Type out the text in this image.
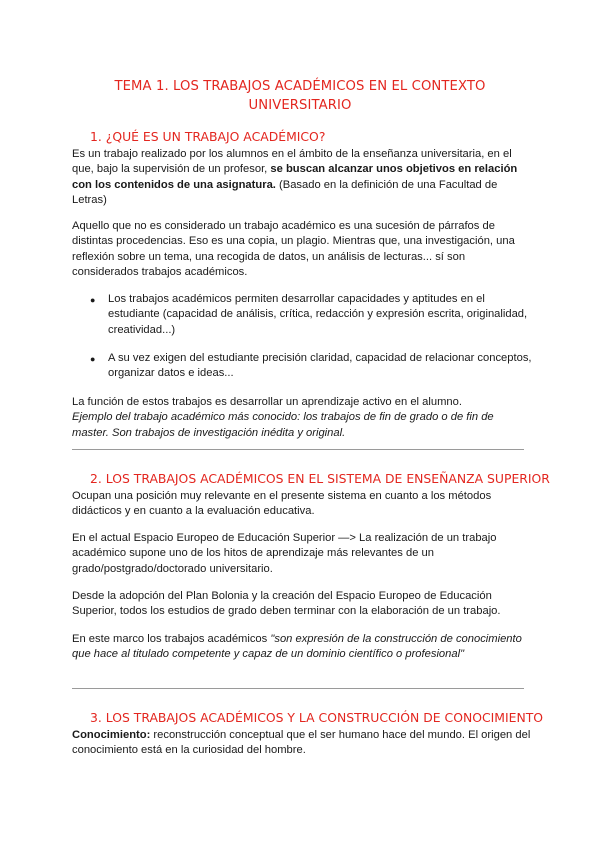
TEMA 1. LOS TRABAJOS ACADÉMICOS EN EL CONTEXTO
UNIVERSITARIO
1. ¿QUÉ ES UN TRABAJO ACADÉMICO?
Es un trabajo realizado por los alumnos en el ámbito de la enseñanza universitaria, en el que, bajo la supervisión de un profesor, se buscan alcanzar unos objetivos en relación con los contenidos de una asignatura. (Basado en la definición de una Facultad de Letras)
Aquello que no es considerado un trabajo académico es una sucesión de párrafos de distintas procedencias. Eso es una copia, un plagio. Mientras que, una investigación, una reflexión sobre un tema, una recogida de datos, un análisis de lecturas... sí son considerados trabajos académicos.
●	Los trabajos académicos permiten desarrollar capacidades y aptitudes en el estudiante (capacidad de análisis, crítica, redacción y expresión escrita, originalidad, creatividad...)
●	A su vez exigen del estudiante precisión claridad, capacidad de relacionar conceptos, organizar datos e ideas...
La función de estos trabajos es desarrollar un aprendizaje activo en el alumno.
Ejemplo del trabajo académico más conocido: los trabajos de fin de grado o de fin de master. Son trabajos de investigación inédita y original.
2. LOS TRABAJOS ACADÉMICOS EN EL SISTEMA DE ENSEÑANZA SUPERIOR
Ocupan una posición muy relevante en el presente sistema en cuanto a los métodos didácticos y en cuanto a la evaluación educativa.
En el actual Espacio Europeo de Educación Superior —> La realización de un trabajo académico supone uno de los hitos de aprendizaje más relevantes de un grado/postgrado/doctorado universitario.
Desde la adopción del Plan Bolonia y la creación del Espacio Europeo de Educación Superior, todos los estudios de grado deben terminar con la elaboración de un trabajo.
En este marco los trabajos académicos "son expresión de la construcción de conocimiento que hace al titulado competente y capaz de un dominio científico o profesional"
3. LOS TRABAJOS ACADÉMICOS Y LA CONSTRUCCIÓN DE CONOCIMIENTO
Conocimiento: reconstrucción conceptual que el ser humano hace del mundo. El origen del conocimiento está en la curiosidad del hombre.
